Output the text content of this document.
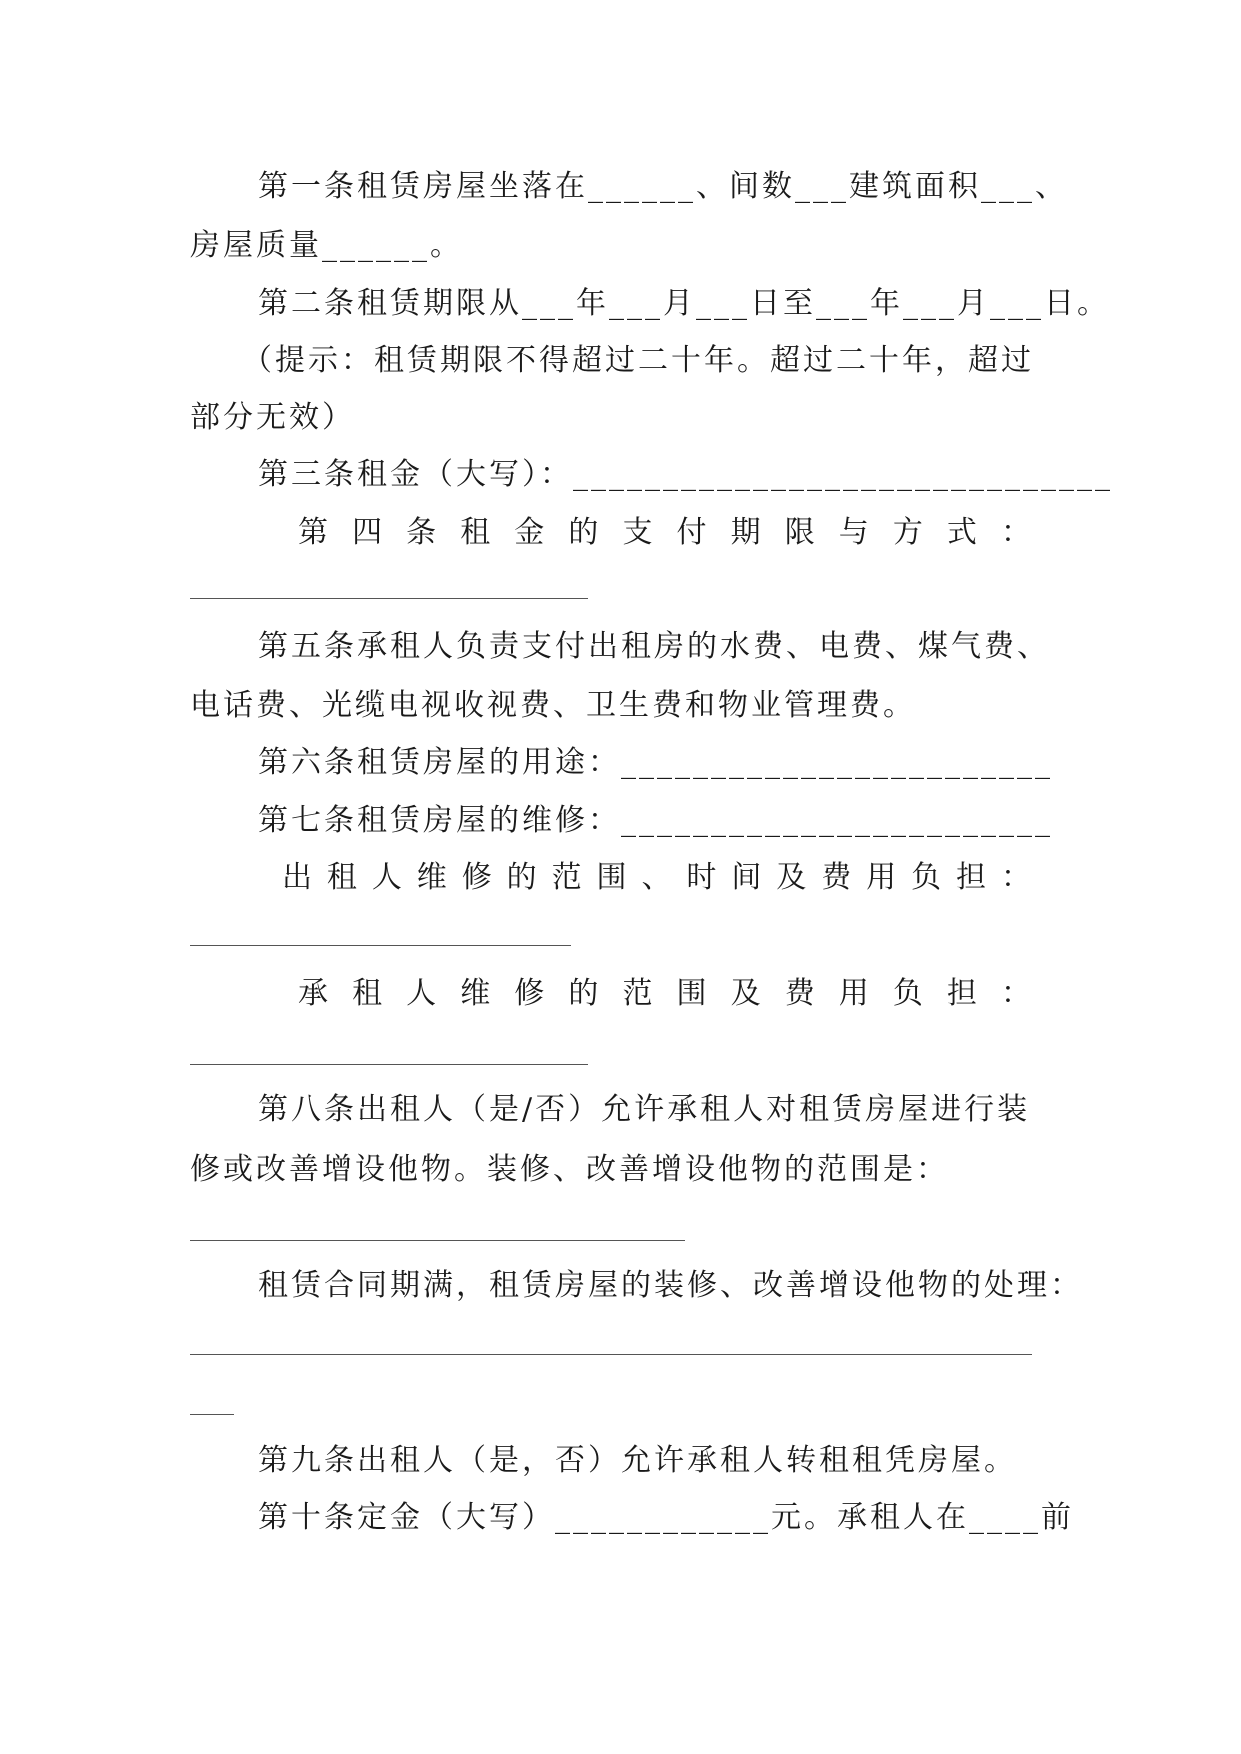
第一条租赁房屋坐落在______、间数___建筑面积___、
房屋质量______。
第二条租赁期限从___年___月___日至___年___月___日。
（提示：租赁期限不得超过二十年。超过二十年，超过
部分无效）
第三条租金（大写）：______________________________
第四条租金的支付期限与方式：
第五条承租人负责支付出租房的水费、电费、煤气费、
电话费、光缆电视收视费、卫生费和物业管理费。
第六条租赁房屋的用途：________________________
第七条租赁房屋的维修：________________________
出租人维修的范围、时间及费用负担：
承租人维修的范围及费用负担：
第八条出租人（是/否）允许承租人对租赁房屋进行装
修或改善增设他物。装修、改善增设他物的范围是：
租赁合同期满，租赁房屋的装修、改善增设他物的处理：
第九条出租人（是，否）允许承租人转租租凭房屋。
第十条定金（大写）____________元。承租人在____前
